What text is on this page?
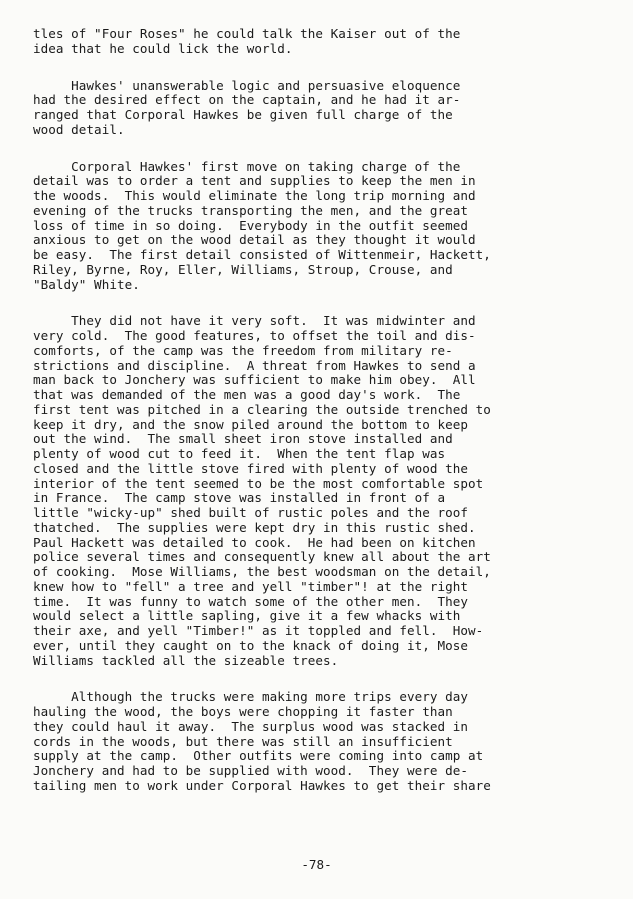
tles of "Four Roses" he could talk the Kaiser out of the
idea that he could lick the world.
Hawkes' unanswerable logic and persuasive eloquence
had the desired effect on the captain, and he had it ar-
ranged that Corporal Hawkes be given full charge of the
wood detail.
Corporal Hawkes' first move on taking charge of the
detail was to order a tent and supplies to keep the men in
the woods.  This would eliminate the long trip morning and
evening of the trucks transporting the men, and the great
loss of time in so doing.  Everybody in the outfit seemed
anxious to get on the wood detail as they thought it would
be easy.  The first detail consisted of Wittenmeir, Hackett,
Riley, Byrne, Roy, Eller, Williams, Stroup, Crouse, and
"Baldy" White.
They did not have it very soft.  It was midwinter and
very cold.  The good features, to offset the toil and dis-
comforts, of the camp was the freedom from military re-
strictions and discipline.  A threat from Hawkes to send a
man back to Jonchery was sufficient to make him obey.  All
that was demanded of the men was a good day's work.  The
first tent was pitched in a clearing the outside trenched to
keep it dry, and the snow piled around the bottom to keep
out the wind.  The small sheet iron stove installed and
plenty of wood cut to feed it.  When the tent flap was
closed and the little stove fired with plenty of wood the
interior of the tent seemed to be the most comfortable spot
in France.  The camp stove was installed in front of a
little "wicky-up" shed built of rustic poles and the roof
thatched.  The supplies were kept dry in this rustic shed.
Paul Hackett was detailed to cook.  He had been on kitchen
police several times and consequently knew all about the art
of cooking.  Mose Williams, the best woodsman on the detail,
knew how to "fell" a tree and yell "timber"! at the right
time.  It was funny to watch some of the other men.  They
would select a little sapling, give it a few whacks with
their axe, and yell "Timber!" as it toppled and fell.  How-
ever, until they caught on to the knack of doing it, Mose
Williams tackled all the sizeable trees.
Although the trucks were making more trips every day
hauling the wood, the boys were chopping it faster than
they could haul it away.  The surplus wood was stacked in
cords in the woods, but there was still an insufficient
supply at the camp.  Other outfits were coming into camp at
Jonchery and had to be supplied with wood.  They were de-
tailing men to work under Corporal Hawkes to get their share
-78-
